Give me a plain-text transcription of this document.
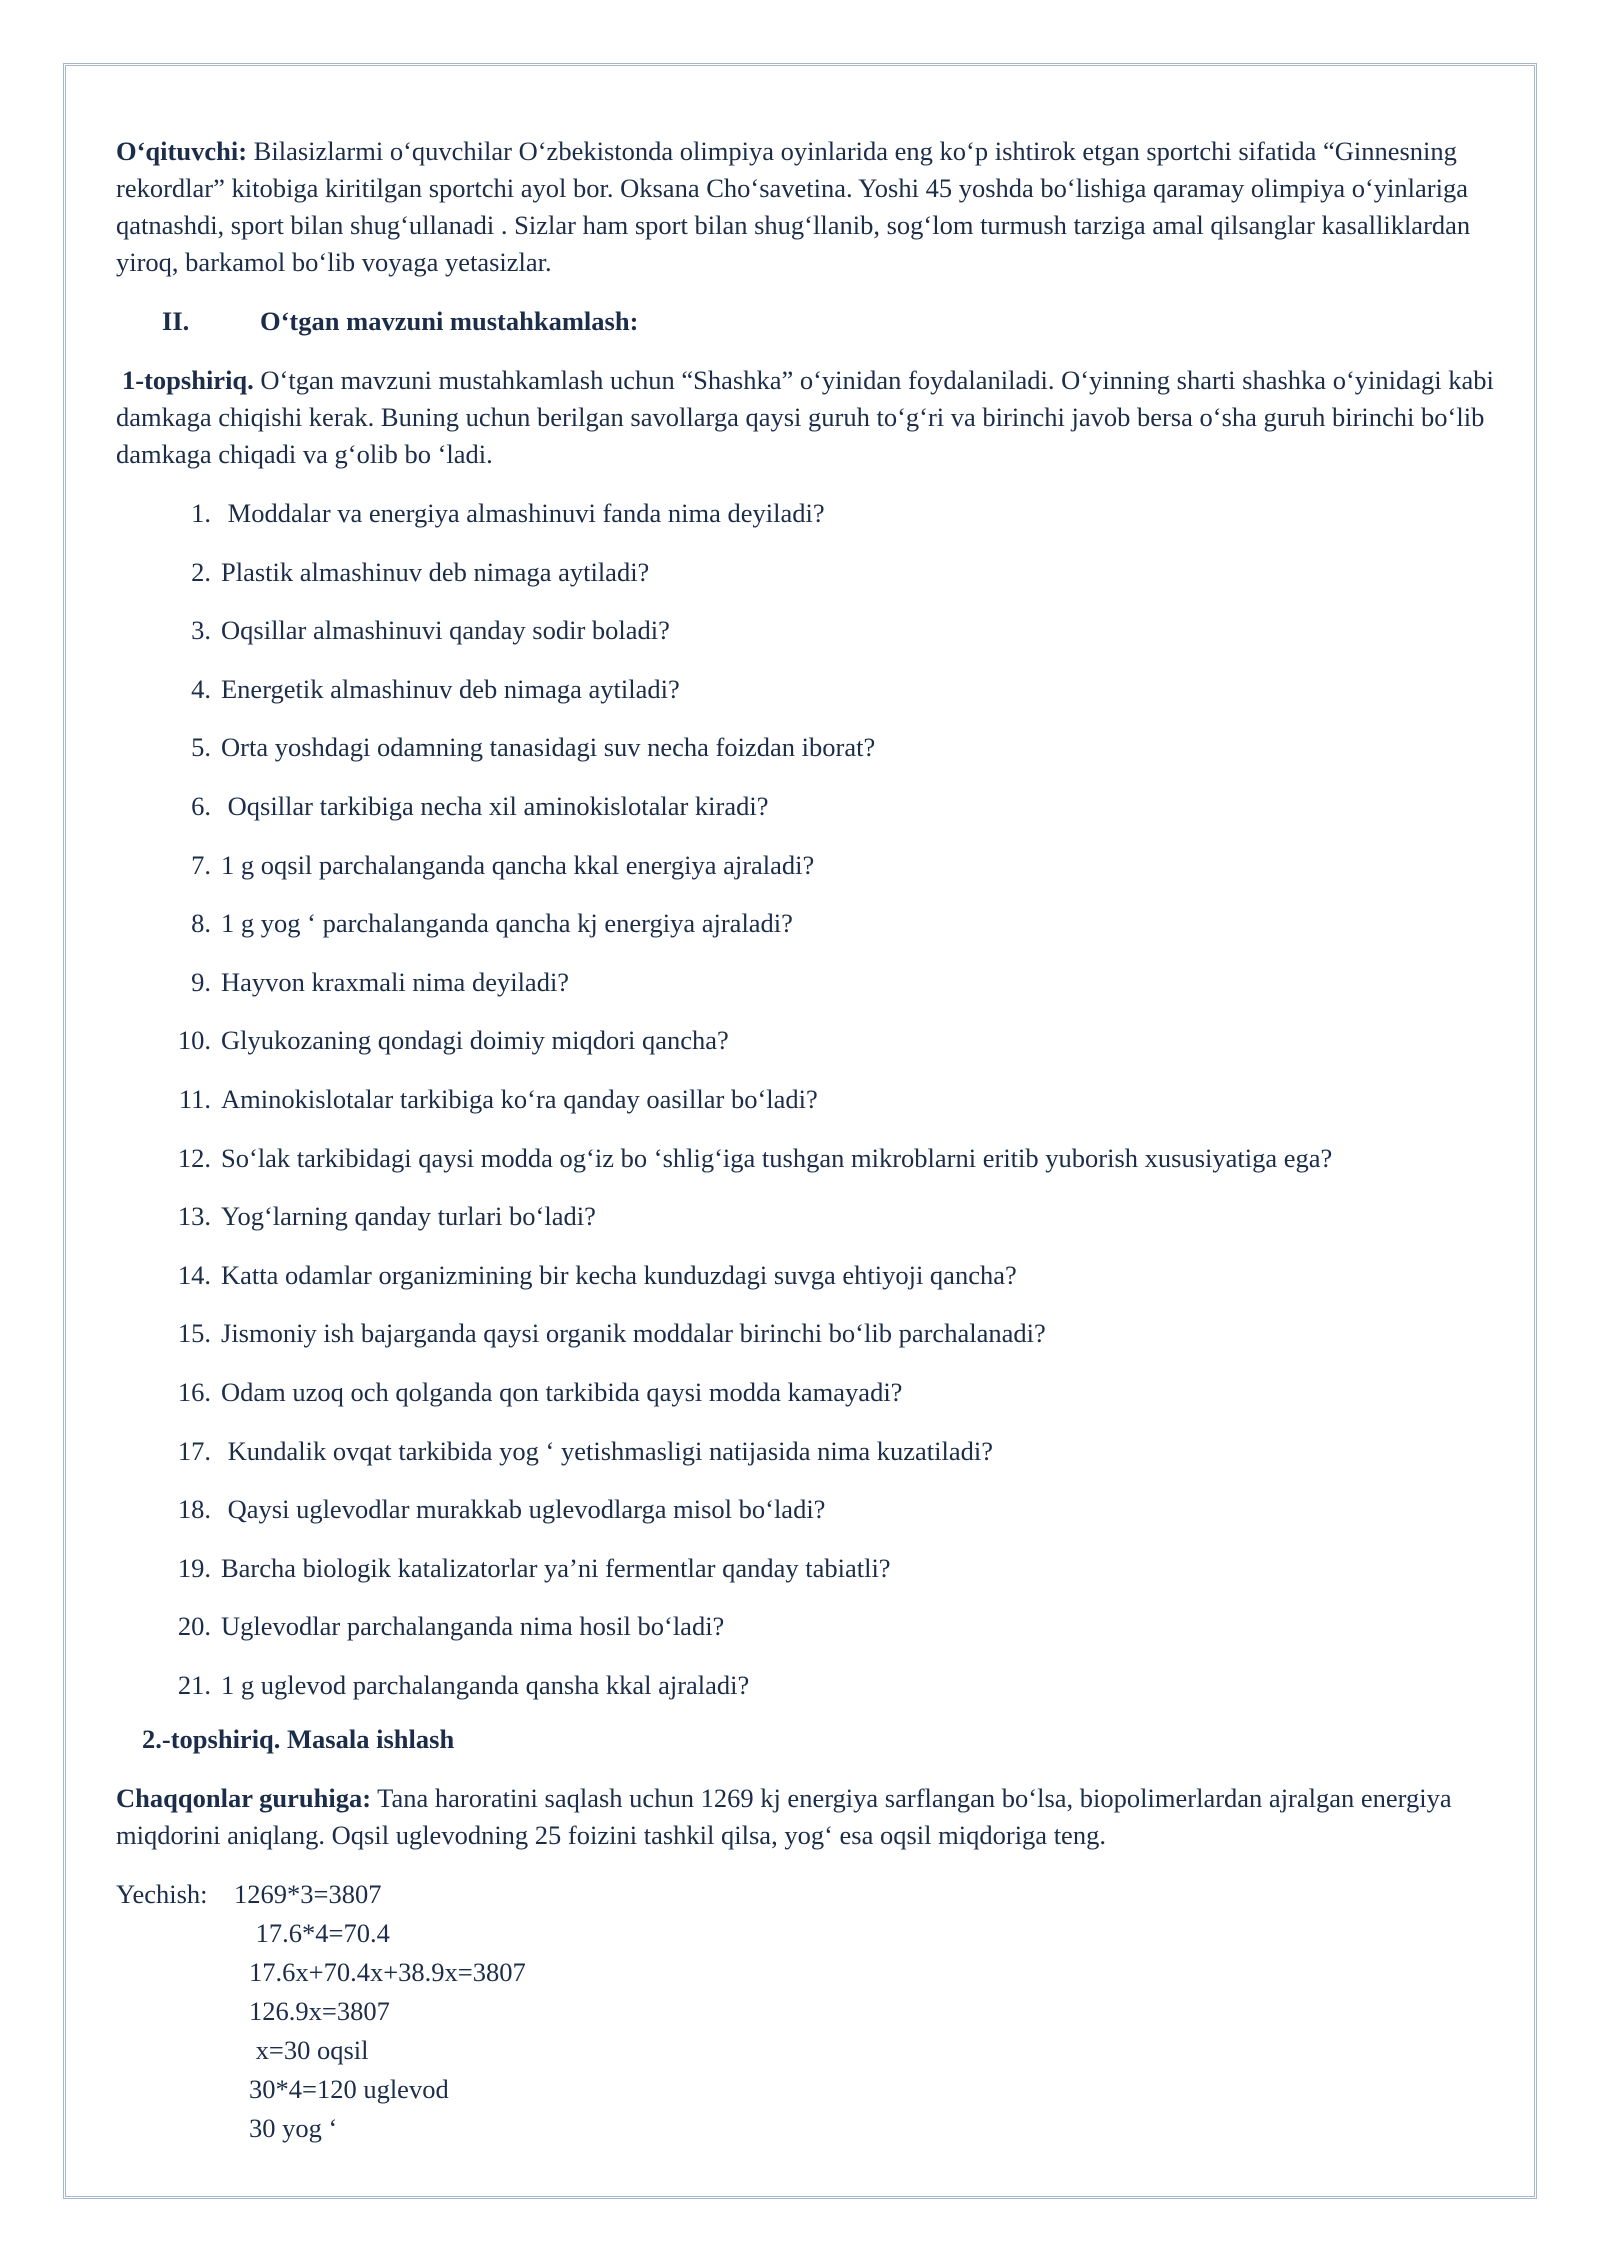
O‘qituvchi: Bilasizlarmi o‘quvchilar O‘zbekistonda olimpiya oyinlarida eng ko‘p ishtirok etgan sportchi sifatida “Ginnesning rekordlar” kitobiga kiritilgan sportchi ayol bor. Oksana Cho‘savetina. Yoshi 45 yoshda bo‘lishiga qaramay olimpiya o‘yinlariga qatnashdi, sport bilan shug‘ullanadi . Sizlar ham sport bilan shug‘llanib, sog‘lom turmush tarziga amal qilsanglar kasalliklardan yiroq, barkamol bo‘lib voyaga yetasizlar.

II.	O‘tgan mavzuni mustahkamlash:

1-topshiriq. O‘tgan mavzuni mustahkamlash uchun “Shashka” o‘yinidan foydalaniladi. O‘yinning sharti shashka o‘yinidagi kabi damkaga chiqishi kerak. Buning uchun berilgan savollarga qaysi guruh to‘g‘ri va birinchi javob bersa o‘sha guruh birinchi bo‘lib damkaga chiqadi va g‘olib bo ‘ladi.

1. Moddalar va energiya almashinuvi fanda nima deyiladi?
2. Plastik almashinuv deb nimaga aytiladi?
3. Oqsillar almashinuvi qanday sodir boladi?
4. Energetik almashinuv deb nimaga aytiladi?
5. Orta yoshdagi odamning tanasidagi suv necha foizdan iborat?
6. Oqsillar tarkibiga necha xil aminokislotalar kiradi?
7. 1 g oqsil parchalanganda qancha kkal energiya ajraladi?
8. 1 g yog ‘ parchalanganda qancha kj energiya ajraladi?
9. Hayvon kraxmali nima deyiladi?
10. Glyukozaning qondagi doimiy miqdori qancha?
11. Aminokislotalar tarkibiga ko‘ra qanday oasillar bo‘ladi?
12. So‘lak tarkibidagi qaysi modda og‘iz bo ‘shlig‘iga tushgan mikroblarni eritib yuborish xususiyatiga ega?
13. Yog‘larning qanday turlari bo‘ladi?
14. Katta odamlar organizmining bir kecha kunduzdagi suvga ehtiyoji qancha?
15. Jismoniy ish bajarganda qaysi organik moddalar birinchi bo‘lib parchalanadi?
16. Odam uzoq och qolganda qon tarkibida qaysi modda kamayadi?
17. Kundalik ovqat tarkibida yog ‘ yetishmasligi natijasida nima kuzatiladi?
18. Qaysi uglevodlar murakkab uglevodlarga misol bo‘ladi?
19. Barcha biologik katalizatorlar ya’ni fermentlar qanday tabiatli?
20. Uglevodlar parchalanganda nima hosil bo‘ladi?
21. 1 g uglevod parchalanganda qansha kkal ajraladi?

2.-topshiriq. Masala ishlash

Chaqqonlar guruhiga: Tana haroratini saqlash uchun 1269 kj energiya sarflangan bo‘lsa, biopolimerlardan ajralgan energiya miqdorini aniqlang. Oqsil uglevodning 25 foizini tashkil qilsa, yog‘ esa oqsil miqdoriga teng.

Yechish: 1269*3=3807
17.6*4=70.4
17.6x+70.4x+38.9x=3807
126.9x=3807
x=30 oqsil
30*4=120 uglevod
30 yog ‘
